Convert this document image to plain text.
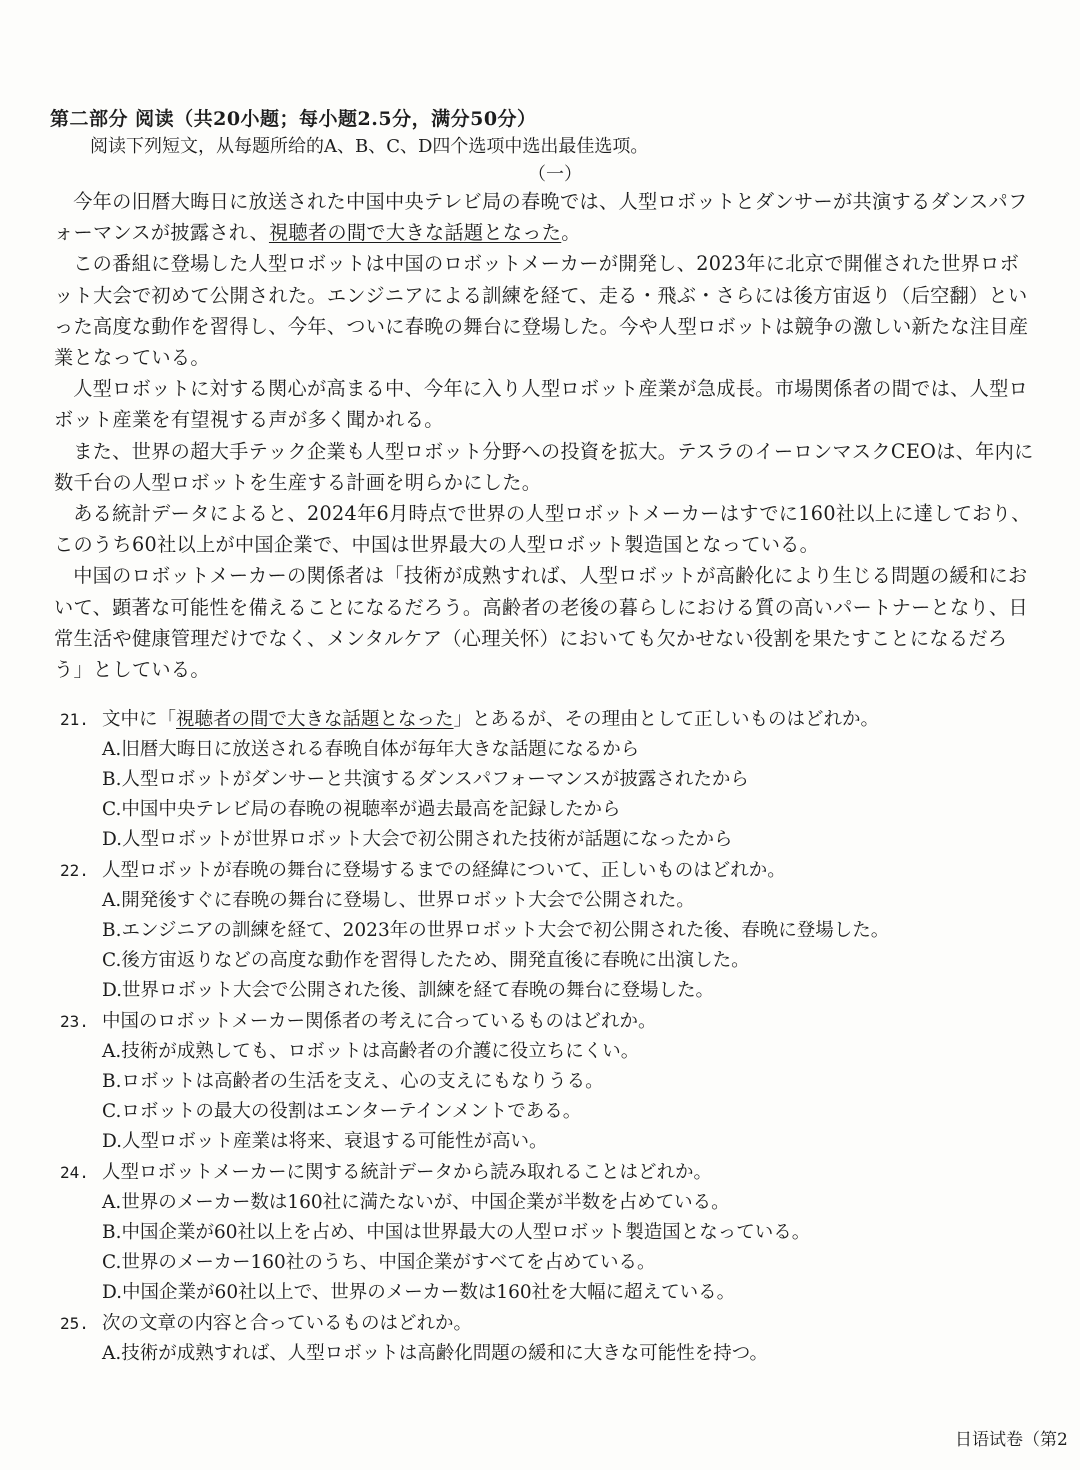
第二部分 阅读（共20小题；每小题2.5分，满分50分）
阅读下列短文，从每题所给的A、B、C、D四个选项中选出最佳选项。
（一）

今年の旧暦大晦日に放送された中国中央テレビ局の春晩では、人型ロボットとダンサーが共演するダンスパフォーマンスが披露され、視聴者の間で大きな話題となった。

この番組に登場した人型ロボットは中国のロボットメーカーが開発し、2023年に北京で開催された世界ロボット大会で初めて公開された。エンジニアによる訓練を経て、走る・飛ぶ・さらには後方宙返り（后空翻）といった高度な動作を習得し、今年、ついに春晩の舞台に登場した。今や人型ロボットは競争の激しい新たな注目産業となっている。

人型ロボットに対する関心が高まる中、今年に入り人型ロボット産業が急成長。市場関係者の間では、人型ロボット産業を有望視する声が多く聞かれる。

また、世界の超大手テック企業も人型ロボット分野への投資を拡大。テスラのイーロンマスクCEOは、年内に数千台の人型ロボットを生産する計画を明らかにした。

ある統計データによると、2024年6月時点で世界の人型ロボットメーカーはすでに160社以上に達しており、このうち60社以上が中国企業で、中国は世界最大の人型ロボット製造国となっている。

中国のロボットメーカーの関係者は「技術が成熟すれば、人型ロボットが高齢化により生じる問題の緩和において、顕著な可能性を備えることになるだろう。高齢者の老後の暮らしにおける質の高いパートナーとなり、日常生活や健康管理だけでなく、メンタルケア（心理关怀）においても欠かせない役割を果たすことになるだろう」としている。

21. 文中に「視聴者の間で大きな話題となった」とあるが、その理由として正しいものはどれか。
A.旧暦大晦日に放送される春晩自体が毎年大きな話題になるから
B.人型ロボットがダンサーと共演するダンスパフォーマンスが披露されたから
C.中国中央テレビ局の春晩の視聴率が過去最高を記録したから
D.人型ロボットが世界ロボット大会で初公開された技術が話題になったから
22. 人型ロボットが春晩の舞台に登場するまでの経緯について、正しいものはどれか。
A.開発後すぐに春晩の舞台に登場し、世界ロボット大会で公開された。
B.エンジニアの訓練を経て、2023年の世界ロボット大会で初公開された後、春晩に登場した。
C.後方宙返りなどの高度な動作を習得したため、開発直後に春晩に出演した。
D.世界ロボット大会で公開された後、訓練を経て春晩の舞台に登場した。
23. 中国のロボットメーカー関係者の考えに合っているものはどれか。
A.技術が成熟しても、ロボットは高齢者の介護に役立ちにくい。
B.ロボットは高齢者の生活を支え、心の支えにもなりうる。
C.ロボットの最大の役割はエンターテインメントである。
D.人型ロボット産業は将来、衰退する可能性が高い。
24. 人型ロボットメーカーに関する統計データから読み取れることはどれか。
A.世界のメーカー数は160社に満たないが、中国企業が半数を占めている。
B.中国企業が60社以上を占め、中国は世界最大の人型ロボット製造国となっている。
C.世界のメーカー160社のうち、中国企業がすべてを占めている。
D.中国企業が60社以上で、世界のメーカー数は160社を大幅に超えている。
25. 次の文章の内容と合っているものはどれか。
A.技術が成熟すれば、人型ロボットは高齢化問題の緩和に大きな可能性を持つ。
日语试卷（第2
